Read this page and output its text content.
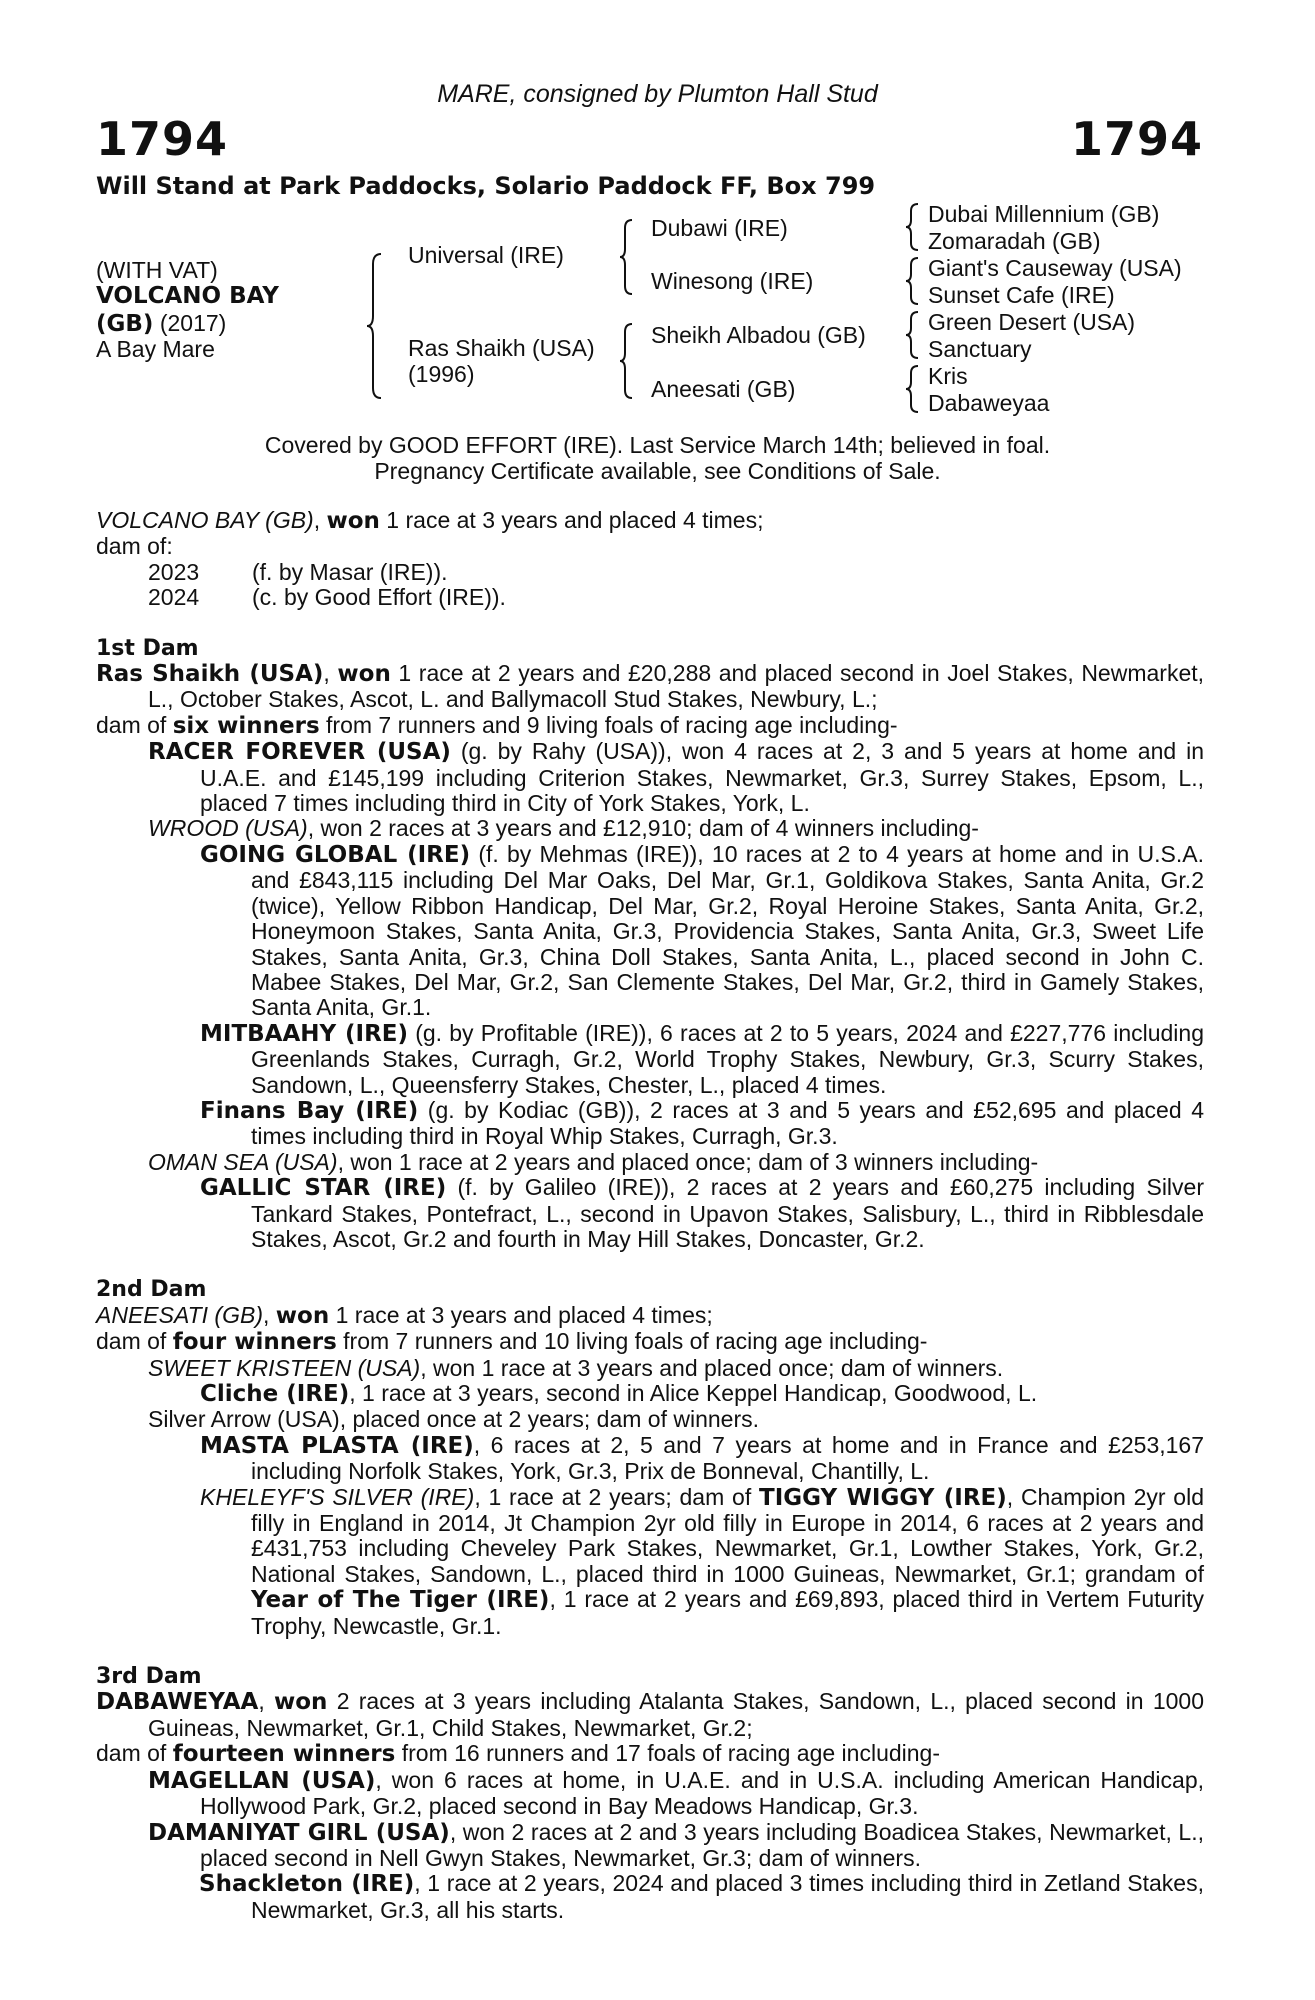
MARE, consigned by Plumton Hall Stud
1794	1794
Will Stand at Park Paddocks, Solario Paddock FF, Box 799
(WITH VAT)
VOLCANO BAY
(GB) (2017)
A Bay Mare
Universal (IRE)
Ras Shaikh (USA)
(1996)
Dubawi (IRE)
Winesong (IRE)
Sheikh Albadou (GB)
Aneesati (GB)
Dubai Millennium (GB)
Zomaradah (GB)
Giant's Causeway (USA)
Sunset Cafe (IRE)
Green Desert (USA)
Sanctuary
Kris
Dabaweyaa
Covered by GOOD EFFORT (IRE). Last Service March 14th; believed in foal.
Pregnancy Certificate available, see Conditions of Sale.

VOLCANO BAY (GB), won 1 race at 3 years and placed 4 times;

dam of:

2023	(f. by Masar (IRE)).
2024	(c. by Good Effort (IRE)).

1st Dam

Ras Shaikh (USA), won 1 race at 2 years and £20,288 and placed second in Joel Stakes, Newmarket, L., October Stakes, Ascot, L. and Ballymacoll Stud Stakes, Newbury, L.;

dam of six winners from 7 runners and 9 living foals of racing age including-

RACER FOREVER (USA) (g. by Rahy (USA)), won 4 races at 2, 3 and 5 years at home and in U.A.E. and £145,199 including Criterion Stakes, Newmarket, Gr.3, Surrey Stakes, Epsom, L., placed 7 times including third in City of York Stakes, York, L.

WROOD (USA), won 2 races at 3 years and £12,910; dam of 4 winners including-

GOING GLOBAL (IRE) (f. by Mehmas (IRE)), 10 races at 2 to 4 years at home and in U.S.A. and £843,115 including Del Mar Oaks, Del Mar, Gr.1, Goldikova Stakes, Santa Anita, Gr.2 (twice), Yellow Ribbon Handicap, Del Mar, Gr.2, Royal Heroine Stakes, Santa Anita, Gr.2, Honeymoon Stakes, Santa Anita, Gr.3, Providencia Stakes, Santa Anita, Gr.3, Sweet Life Stakes, Santa Anita, Gr.3, China Doll Stakes, Santa Anita, L., placed second in John C. Mabee Stakes, Del Mar, Gr.2, San Clemente Stakes, Del Mar, Gr.2, third in Gamely Stakes, Santa Anita, Gr.1.

MITBAAHY (IRE) (g. by Profitable (IRE)), 6 races at 2 to 5 years, 2024 and £227,776 including Greenlands Stakes, Curragh, Gr.2, World Trophy Stakes, Newbury, Gr.3, Scurry Stakes, Sandown, L., Queensferry Stakes, Chester, L., placed 4 times.

Finans Bay (IRE) (g. by Kodiac (GB)), 2 races at 3 and 5 years and £52,695 and placed 4 times including third in Royal Whip Stakes, Curragh, Gr.3.

OMAN SEA (USA), won 1 race at 2 years and placed once; dam of 3 winners including-

GALLIC STAR (IRE) (f. by Galileo (IRE)), 2 races at 2 years and £60,275 including Silver Tankard Stakes, Pontefract, L., second in Upavon Stakes, Salisbury, L., third in Ribblesdale Stakes, Ascot, Gr.2 and fourth in May Hill Stakes, Doncaster, Gr.2.

2nd Dam

ANEESATI (GB), won 1 race at 3 years and placed 4 times;

dam of four winners from 7 runners and 10 living foals of racing age including-

SWEET KRISTEEN (USA), won 1 race at 3 years and placed once; dam of winners.

Cliche (IRE), 1 race at 3 years, second in Alice Keppel Handicap, Goodwood, L.

Silver Arrow (USA), placed once at 2 years; dam of winners.

MASTA PLASTA (IRE), 6 races at 2, 5 and 7 years at home and in France and £253,167 including Norfolk Stakes, York, Gr.3, Prix de Bonneval, Chantilly, L.

KHELEYF'S SILVER (IRE), 1 race at 2 years; dam of TIGGY WIGGY (IRE), Champion 2yr old filly in England in 2014, Jt Champion 2yr old filly in Europe in 2014, 6 races at 2 years and £431,753 including Cheveley Park Stakes, Newmarket, Gr.1, Lowther Stakes, York, Gr.2, National Stakes, Sandown, L., placed third in 1000 Guineas, Newmarket, Gr.1; grandam of Year of The Tiger (IRE), 1 race at 2 years and £69,893, placed third in Vertem Futurity Trophy, Newcastle, Gr.1.

3rd Dam

DABAWEYAA, won 2 races at 3 years including Atalanta Stakes, Sandown, L., placed second in 1000 Guineas, Newmarket, Gr.1, Child Stakes, Newmarket, Gr.2;

dam of fourteen winners from 16 runners and 17 foals of racing age including-

MAGELLAN (USA), won 6 races at home, in U.A.E. and in U.S.A. including American Handicap, Hollywood Park, Gr.2, placed second in Bay Meadows Handicap, Gr.3.

DAMANIYAT GIRL (USA), won 2 races at 2 and 3 years including Boadicea Stakes, Newmarket, L., placed second in Nell Gwyn Stakes, Newmarket, Gr.3; dam of winners.

Shackleton (IRE), 1 race at 2 years, 2024 and placed 3 times including third in Zetland Stakes, Newmarket, Gr.3, all his starts.
